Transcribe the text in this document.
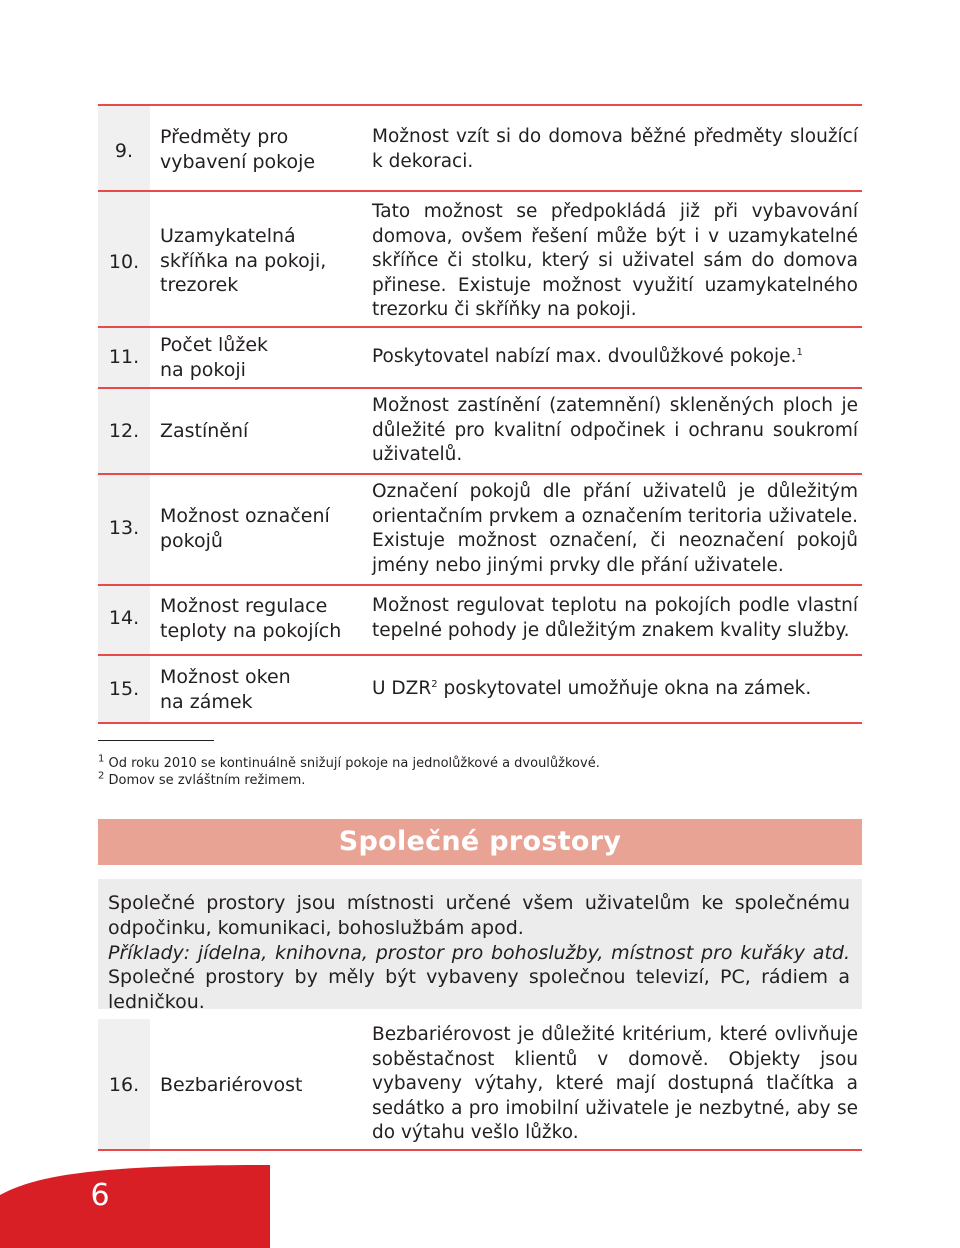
9.
Předměty pro vybavení pokoje
Možnost vzít si do domova běžné předměty sloužící k dekoraci.
10.
Uzamykatelná skříňka na pokoji, trezorek
Tato možnost se předpokládá již při vybavování domova, ovšem řešení může být i v uzamykatelné skříňce či stolku, který si uživatel sám do domova přinese. Existuje možnost využití uzamykatelného trezorku či skříňky na pokoji.
11.
Počet lůžek na pokoji
Poskytovatel nabízí max. dvoulůžkové pokoje.$^1$
12.	Zastínění
Možnost zastínění (zatemnění) skleněných ploch je důležité pro kvalitní odpočinek i ochranu soukromí uživatelů.
13.
Možnost označení pokojů
Označení pokojů dle přání uživatelů je důležitým orientačním prvkem a označením teritoria uživatele. Existuje možnost označení, či neoznačení pokojů jmény nebo jinými prvky dle přání uživatele.
14.
Možnost regulace teploty na pokojích
Možnost regulovat teplotu na pokojích podle vlastní tepelné pohody je důležitým znakem kvality služby.
15.
Možnost oken na zámek
U DZR$^2$ poskytovatel umožňuje okna na zámek.
$^1$ Od roku 2010 se kontinuálně snižují pokoje na jednolůžkové a dvoulůžkové.
$^2$ Domov se zvláštním režimem.
Společné prostory
Společné prostory jsou místnosti určené všem uživatelům ke společnému odpočinku, komunikaci, bohoslužbám apod.
Příklady: jídelna, knihovna, prostor pro bohoslužby, místnost pro kuřáky atd. Společné prostory by měly být vybaveny společnou televizí, PC, rádiem a ledničkou.
16.	Bezbariérovost
Bezbariérovost je důležité kritérium, které ovlivňuje soběstačnost klientů v domově. Objekty jsou vybaveny výtahy, které mají dostupná tlačítka a sedátko a pro imobilní uživatele je nezbytné, aby se do výtahu vešlo lůžko.
6
